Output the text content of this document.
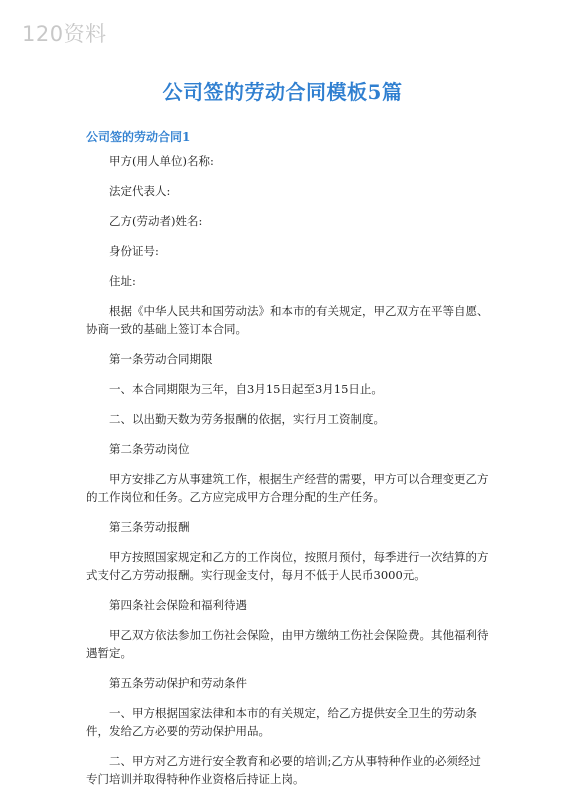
120资料
公司签的劳动合同模板5篇
公司签的劳动合同1

甲方(用人单位)名称:

法定代表人:

乙方(劳动者)姓名:

身份证号:

住址:

根据《中华人民共和国劳动法》和本市的有关规定，甲乙双方在平等自愿、协商一致的基础上签订本合同。

第一条劳动合同期限

一、本合同期限为三年，自3月15日起至3月15日止。

二、以出勤天数为劳务报酬的依据，实行月工资制度。

第二条劳动岗位

甲方安排乙方从事建筑工作，根据生产经营的需要，甲方可以合理变更乙方的工作岗位和任务。乙方应完成甲方合理分配的生产任务。

第三条劳动报酬

甲方按照国家规定和乙方的工作岗位，按照月预付，每季进行一次结算的方式支付乙方劳动报酬。实行现金支付，每月不低于人民币3000元。

第四条社会保险和福利待遇

甲乙双方依法参加工伤社会保险，由甲方缴纳工伤社会保险费。其他福利待遇暂定。

第五条劳动保护和劳动条件

一、甲方根据国家法律和本市的有关规定，给乙方提供安全卫生的劳动条件，发给乙方必要的劳动保护用品。

二、甲方对乙方进行安全教育和必要的培训;乙方从事特种作业的必须经过专门培训并取得特种作业资格后持证上岗。
